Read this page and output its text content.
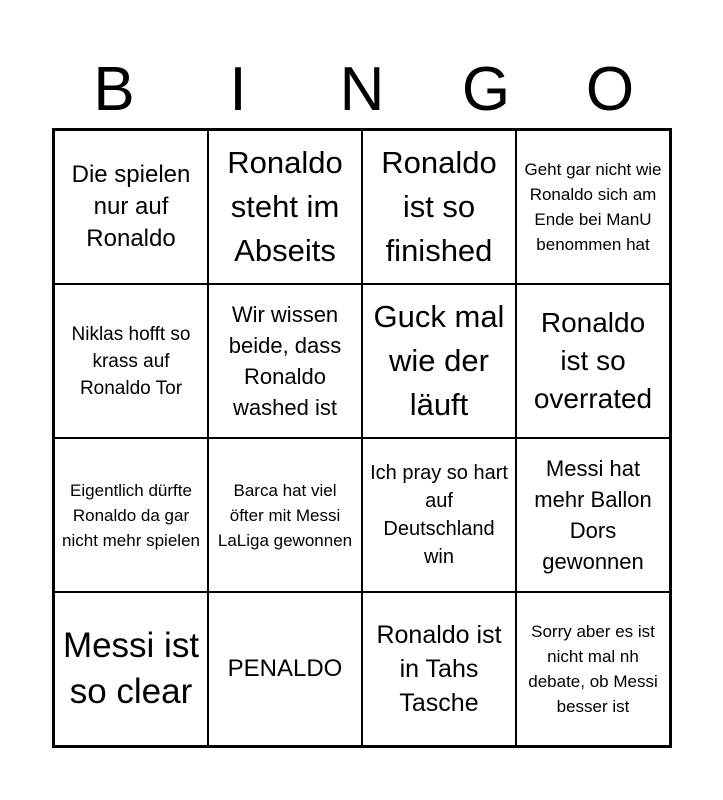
B	I	N	G	O
Die spielen nur auf Ronaldo
Ronaldo steht im Abseits
Ronaldo ist so finished
Geht gar nicht wie Ronaldo sich am Ende bei ManU benommen hat
Niklas hofft so krass auf Ronaldo Tor
Wir wissen beide, dass Ronaldo washed ist
Guck mal wie der läuft
Ronaldo ist so overrated
Eigentlich dürfte Ronaldo da gar nicht mehr spielen
Barca hat viel öfter mit Messi LaLiga gewonnen
Ich pray so hart auf Deutschland win
Messi hat mehr Ballon Dors gewonnen
Messi ist so clear
PENALDO
Ronaldo ist in Tahs Tasche
Sorry aber es ist nicht mal nh debate, ob Messi besser ist
